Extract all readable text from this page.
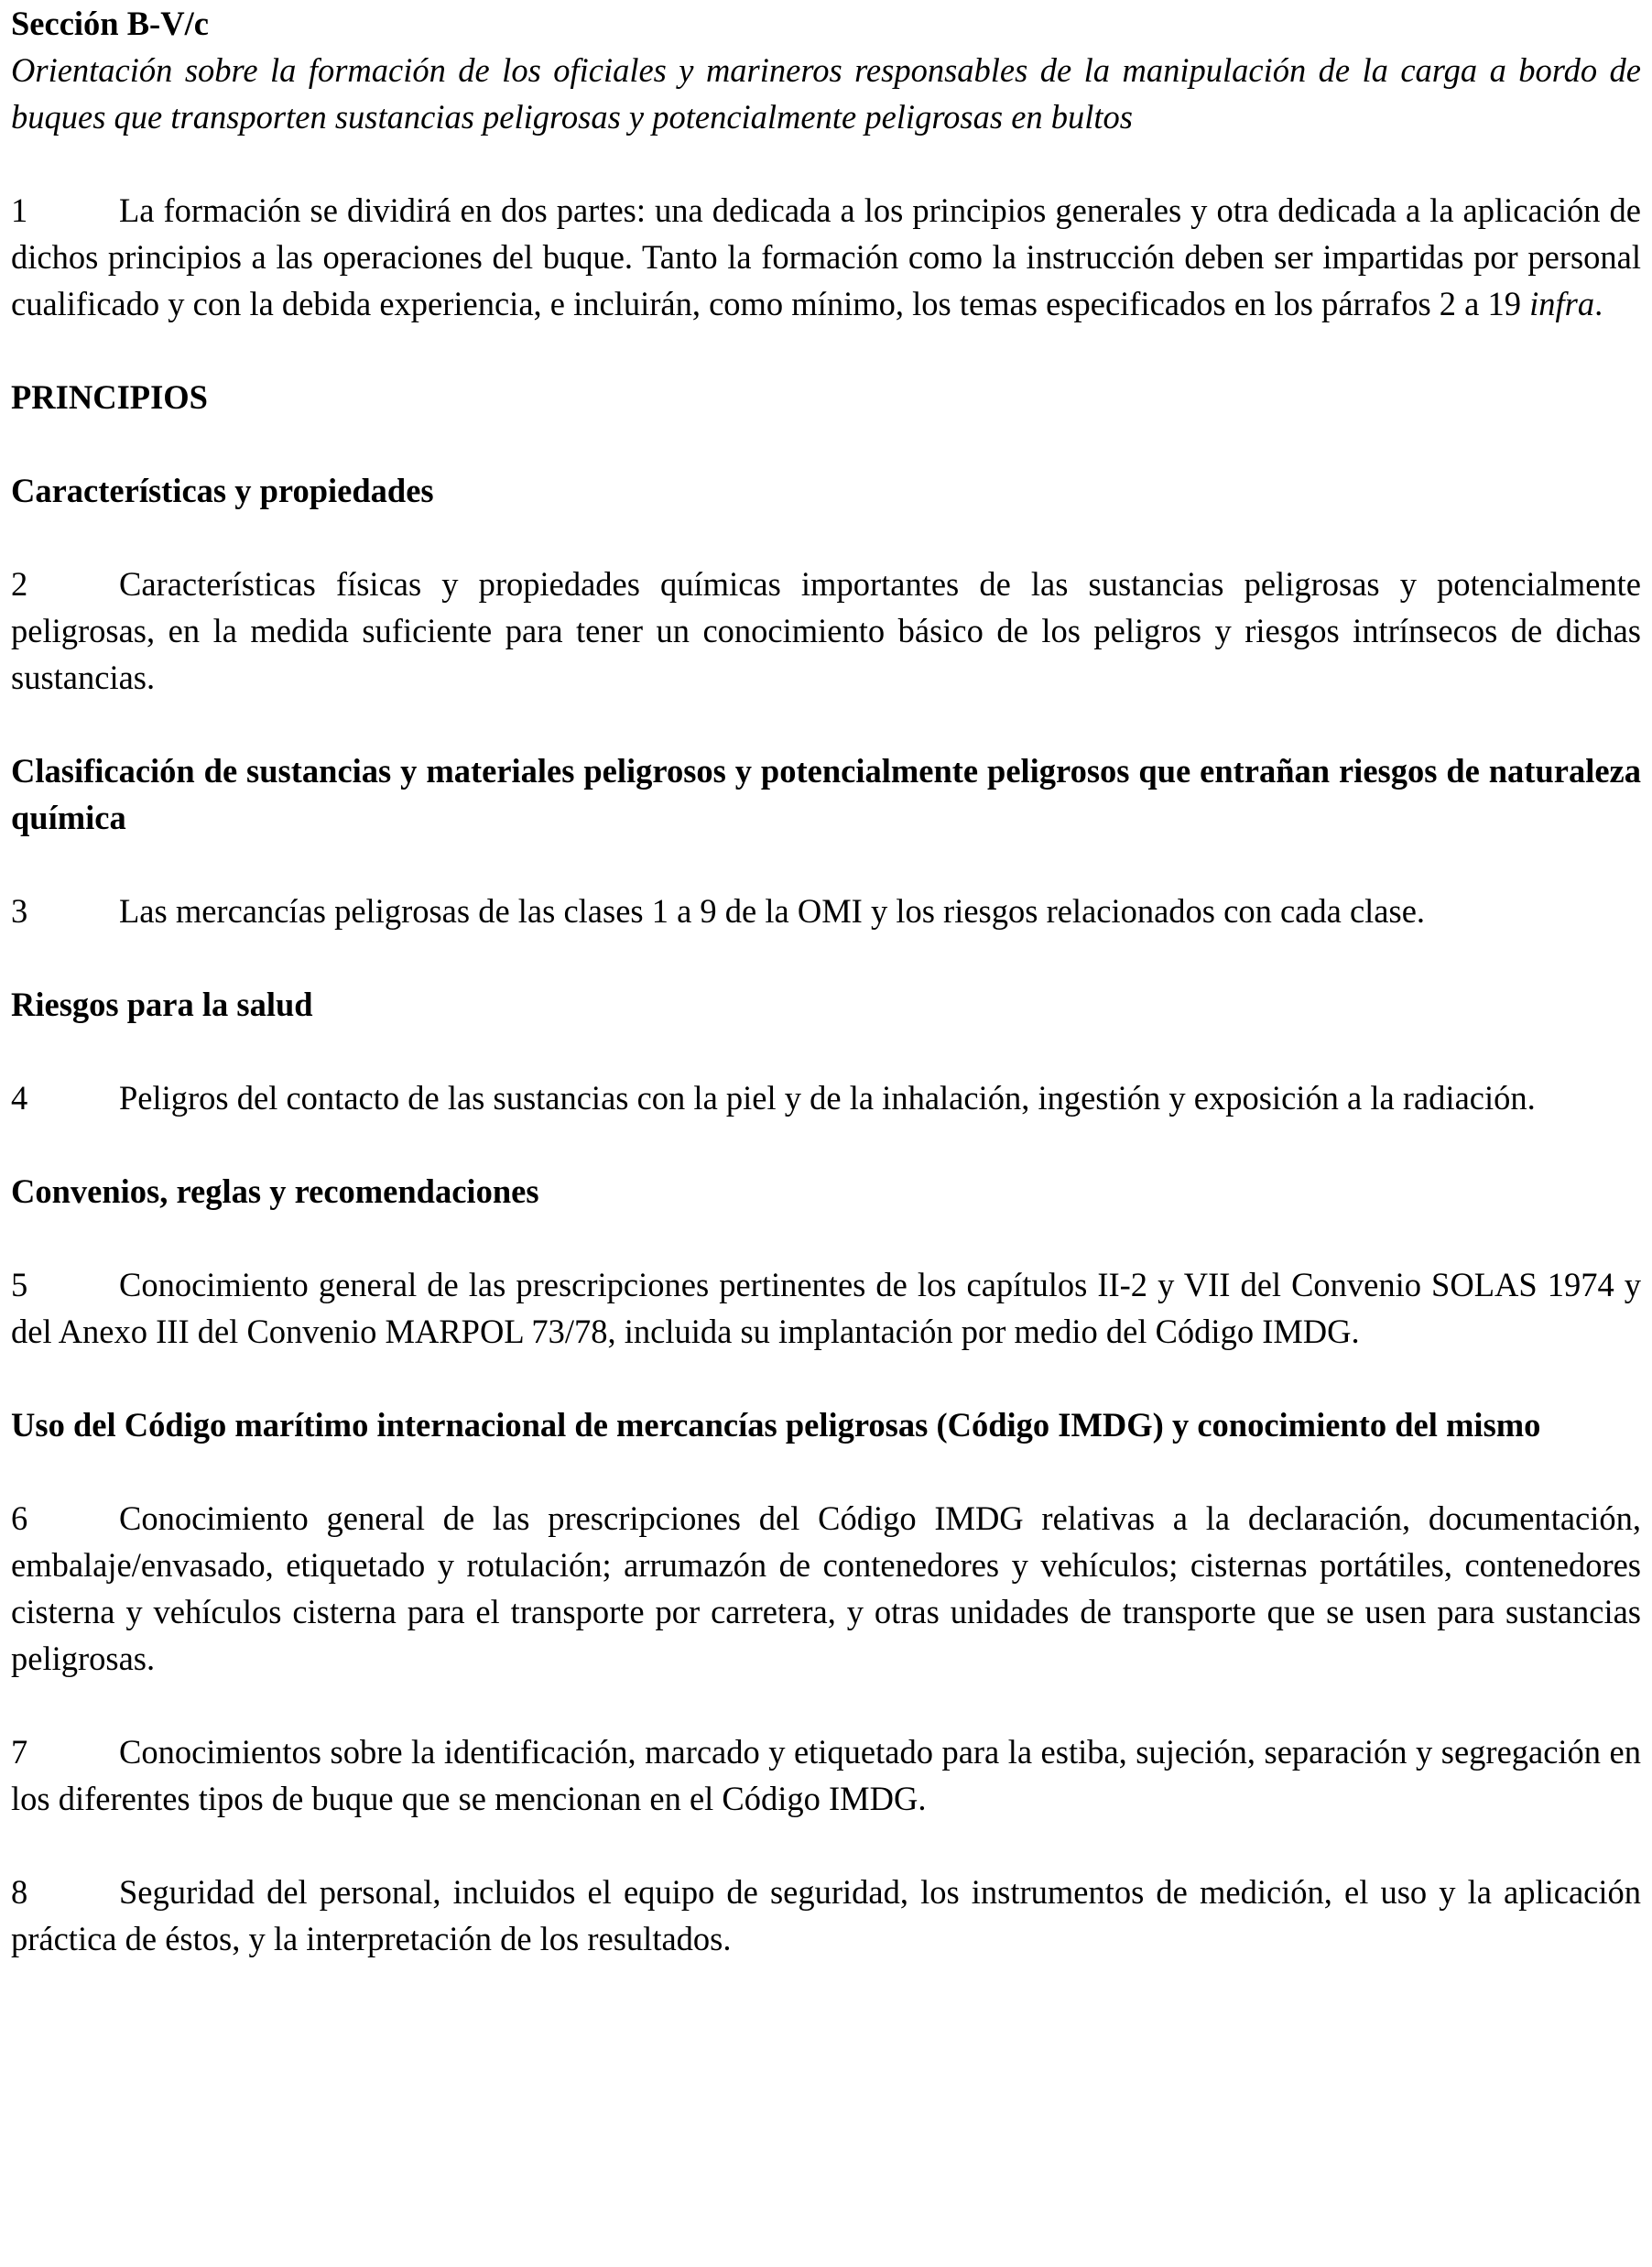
Sección B-V/c

Orientación sobre la formación de los oficiales y marineros responsables de la manipulación de la carga a bordo de buques que transporten sustancias peligrosas y potencialmente peligrosas en bultos

1	La formación se dividirá en dos partes: una dedicada a los principios generales y otra dedicada a la aplicación de dichos principios a las operaciones del buque. Tanto la formación como la instrucción deben ser impartidas por personal cualificado y con la debida experiencia, e incluirán, como mínimo, los temas especificados en los párrafos 2 a 19 infra.

PRINCIPIOS

Características y propiedades

2	Características físicas y propiedades químicas importantes de las sustancias peligrosas y potencialmente peligrosas, en la medida suficiente para tener un conocimiento básico de los peligros y riesgos intrínsecos de dichas sustancias.

Clasificación de sustancias y materiales peligrosos y potencialmente peligrosos que entrañan riesgos de naturaleza química

3	Las mercancías peligrosas de las clases 1 a 9 de la OMI y los riesgos relacionados con cada clase.

Riesgos para la salud

4	Peligros del contacto de las sustancias con la piel y de la inhalación, ingestión y exposición a la radiación.

Convenios, reglas y recomendaciones

5	Conocimiento general de las prescripciones pertinentes de los capítulos II-2 y VII del Convenio SOLAS 1974 y del Anexo III del Convenio MARPOL 73/78, incluida su implantación por medio del Código IMDG.

Uso del Código marítimo internacional de mercancías peligrosas (Código IMDG) y conocimiento del mismo

6	Conocimiento general de las prescripciones del Código IMDG relativas a la declaración, documentación, embalaje/envasado, etiquetado y rotulación; arrumazón de contenedores y vehículos; cisternas portátiles, contenedores cisterna y vehículos cisterna para el transporte por carretera, y otras unidades de transporte que se usen para sustancias peligrosas.

7	Conocimientos sobre la identificación, marcado y etiquetado para la estiba, sujeción, separación y segregación en los diferentes tipos de buque que se mencionan en el Código IMDG.

8	Seguridad del personal, incluidos el equipo de seguridad, los instrumentos de medición, el uso y la aplicación práctica de éstos, y la interpretación de los resultados.
